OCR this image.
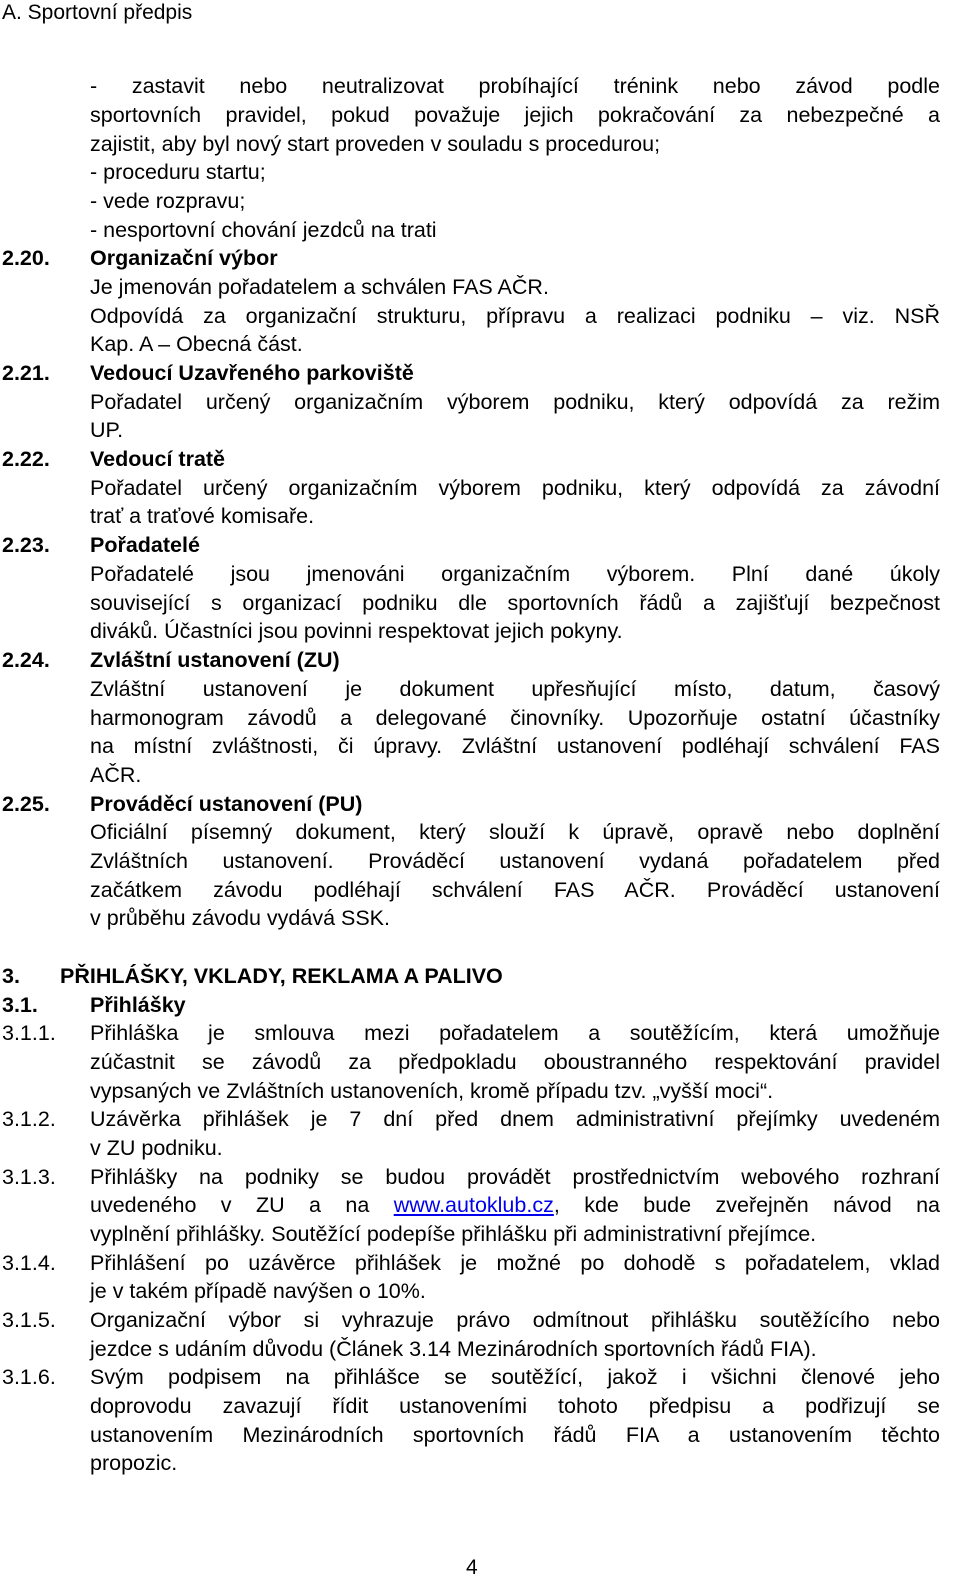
A. Sportovní předpis
- zastavit nebo neutralizovat probíhající trénink nebo závod podle
sportovních pravidel, pokud považuje jejich pokračování za nebezpečné a
zajistit, aby byl nový start proveden v souladu s procedurou;
- proceduru startu;
- vede rozpravu;
- nesportovní chování jezdců na trati
2.20. Organizační výbor
Je jmenován pořadatelem a schválen FAS AČR.
Odpovídá za organizační strukturu, přípravu a realizaci podniku – viz. NSŘ
Kap. A – Obecná část.
2.21. Vedoucí Uzavřeného parkoviště
Pořadatel určený organizačním výborem podniku, který odpovídá za režim
UP.
2.22. Vedoucí tratě
Pořadatel určený organizačním výborem podniku, který odpovídá za závodní
trať a traťové komisaře.
2.23. Pořadatelé
Pořadatelé jsou jmenováni organizačním výborem. Plní dané úkoly
související s organizací podniku dle sportovních řádů a zajišťují bezpečnost
diváků. Účastníci jsou povinni respektovat jejich pokyny.
2.24. Zvláštní ustanovení (ZU)
Zvláštní ustanovení je dokument upřesňující místo, datum, časový
harmonogram závodů a delegované činovníky. Upozorňuje ostatní účastníky
na místní zvláštnosti, či úpravy. Zvláštní ustanovení podléhají schválení FAS
AČR.
2.25. Prováděcí ustanovení (PU)
Oficiální písemný dokument, který slouží k úpravě, opravě nebo doplnění
Zvláštních ustanovení. Prováděcí ustanovení vydaná pořadatelem před
začátkem závodu podléhají schválení FAS AČR. Prováděcí ustanovení
v průběhu závodu vydává SSK.
3. PŘIHLÁŠKY, VKLADY, REKLAMA A PALIVO
3.1. Přihlášky
3.1.1. Přihláška je smlouva mezi pořadatelem a soutěžícím, která umožňuje
zúčastnit se závodů za předpokladu oboustranného respektování pravidel
vypsaných ve Zvláštních ustanoveních, kromě případu tzv. „vyšší moci“.
3.1.2. Uzávěrka přihlášek je 7 dní před dnem administrativní přejímky uvedeném
v ZU podniku.
3.1.3. Přihlášky na podniky se budou provádět prostřednictvím webového rozhraní
uvedeného v ZU a na www.autoklub.cz, kde bude zveřejněn návod na
vyplnění přihlášky. Soutěžící podepíše přihlášku při administrativní přejímce.
3.1.4. Přihlášení po uzávěrce přihlášek je možné po dohodě s pořadatelem, vklad
je v takém případě navýšen o 10%.
3.1.5. Organizační výbor si vyhrazuje právo odmítnout přihlášku soutěžícího nebo
jezdce s udáním důvodu (Článek 3.14 Mezinárodních sportovních řádů FIA).
3.1.6. Svým podpisem na přihlášce se soutěžící, jakož i všichni členové jeho
doprovodu zavazují řídit ustanoveními tohoto předpisu a podřizují se
ustanovením Mezinárodních sportovních řádů FIA a ustanovením těchto
propozic.
4
